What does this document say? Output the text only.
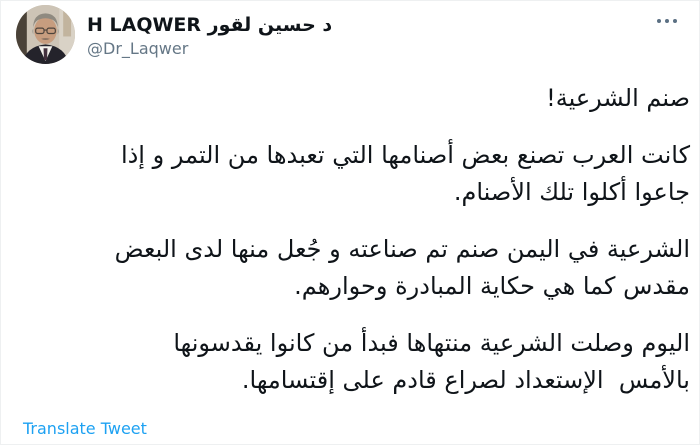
د حسين لقور H LAQWER
@Dr_Laqwer

صنم الشرعية!

كانت العرب تصنع بعض أصنامها التي تعبدها من التمر و إذا
جاعوا أكلوا تلك الأصنام.

الشرعية في اليمن صنم تم صناعته و جُعل منها لدى البعض
مقدس كما هي حكاية المبادرة وحوارهم.

اليوم وصلت الشرعية منتهاها فبدأ من كانوا يقدسونها
بالأمس  الإستعداد لصراع قادم على إقتسامها.

Translate Tweet
